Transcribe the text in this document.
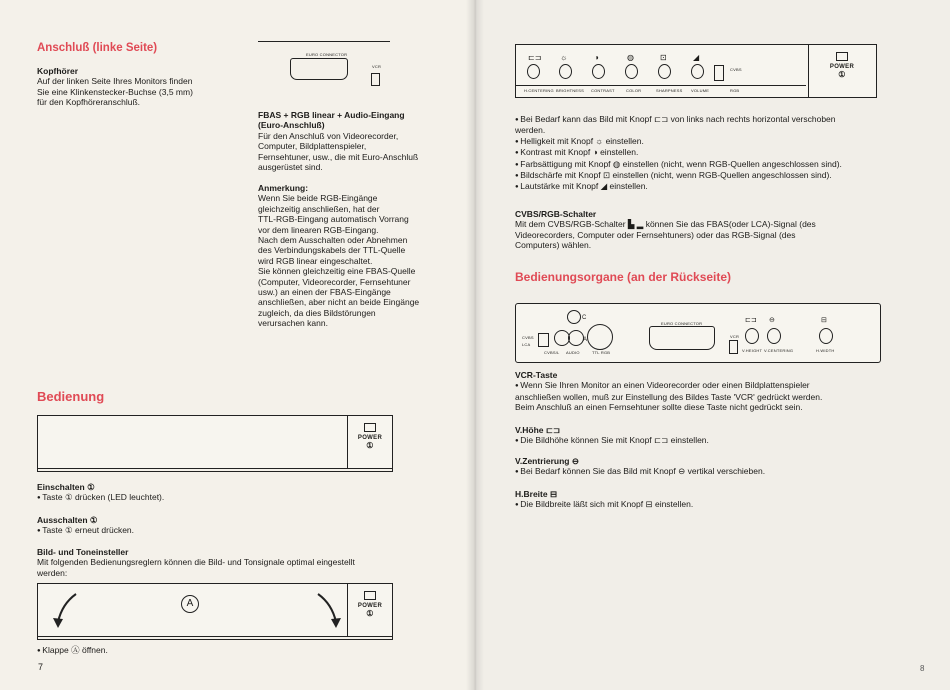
Anschluß (linke Seite)
Kopfhörer
Auf der linken Seite Ihres Monitors finden
Sie eine Klinkenstecker-Buchse (3,5 mm)
für den Kopfhöreranschluß.
EURO CONNECTOR
VCR
FBAS + RGB linear + Audio-Eingang
(Euro-Anschluß)
Für den Anschluß von Videorecorder,
Computer, Bildplattenspieler,
Fernsehtuner, usw., die mit Euro-Anschluß
ausgerüstet sind.
Anmerkung:
Wenn Sie beide RGB-Eingänge
gleichzeitig anschließen, hat der
TTL-RGB-Eingang automatisch Vorrang
vor dem linearen RGB-Eingang.
Nach dem Ausschalten oder Abnehmen
des Verbindungskabels der TTL-Quelle
wird RGB linear eingeschaltet.
Sie können gleichzeitig eine FBAS-Quelle
(Computer, Videorecorder, Fernsehtuner
usw.) an einen der FBAS-Eingänge
anschließen, aber nicht an beide Eingänge
zugleich, da dies Bildstörungen
verursachen kann.
Bedienung
POWER
①
Einschalten ①
● Taste ① drücken (LED leuchtet).
Ausschalten ①
● Taste ① erneut drücken.
Bild- und Toneinsteller
Mit folgenden Bedienungsreglern können die Bild- und Tonsignale optimal eingestellt
werden:
A	POWER
①
● Klappe Ⓐ öffnen.
7
⊏⊐ ☼	◑	◍	⊡	◢
H.CENTERING BRIGHTNESS CONTRAST	COLOR	SHARPNESS VOLUME
CVBS
RGB
POWER
①
● Bei Bedarf kann das Bild mit Knopf ⊏⊐ von links nach rechts horizontal verschoben
werden.
● Helligkeit mit Knopf ☼ einstellen.
● Kontrast mit Knopf ◑ einstellen.
● Farbsättigung mit Knopf ◍ einstellen (nicht, wenn RGB-Quellen angeschlossen sind).
● Bildschärfe mit Knopf ⊡ einstellen (nicht, wenn RGB-Quellen angeschlossen sind).
● Lautstärke mit Knopf ◢ einstellen.
CVBS/RGB-Schalter
Mit dem CVBS/RGB-Schalter ▙ ▂ können Sie das FBAS(oder LCA)-Signal (des
Videorecorders, Computer oder Fernsehtuners) oder das RGB-Signal (des
Computers) wählen.
Bedienungsorgane (an der Rückseite)
CVBS
LCA
C
A
CVBS/L AUDIO	TTL RGB
EURO CONNECTOR
VCR
⊏⊐ ⊖	⊟
V.HEIGHT V.CENTERING	H.WIDTH
VCR-Taste
● Wenn Sie Ihren Monitor an einen Videorecorder oder einen Bildplattenspieler
anschließen wollen, muß zur Einstellung des Bildes Taste 'VCR' gedrückt werden.
Beim Anschluß an einen Fernsehtuner sollte diese Taste nicht gedrückt sein.
V.Höhe ⊏⊐
● Die Bildhöhe können Sie mit Knopf ⊏⊐ einstellen.
V.Zentrierung ⊖
● Bei Bedarf können Sie das Bild mit Knopf ⊖ vertikal verschieben.
H.Breite ⊟
● Die Bildbreite läßt sich mit Knopf ⊟ einstellen.
8
